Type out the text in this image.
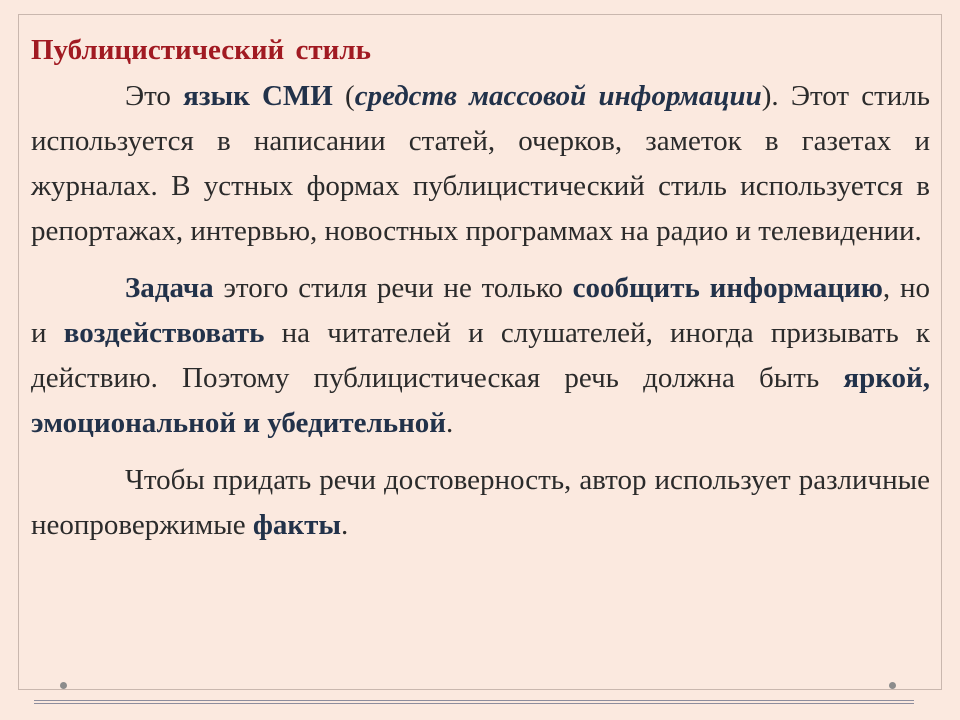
Публицистический стиль

Это язык СМИ (средств массовой информации). Этот стиль используется в написании статей, очерков, заметок в газетах и журналах. В устных формах публицистический стиль используется в репортажах, интервью, новостных программах на радио и телевидении.

Задача этого стиля речи не только сообщить информацию, но и воздействовать на читателей и слушателей, иногда призывать к действию. Поэтому публицистическая речь должна быть яркой, эмоциональной и убедительной.

Чтобы придать речи достоверность, автор использует различные неопровержимые факты.
